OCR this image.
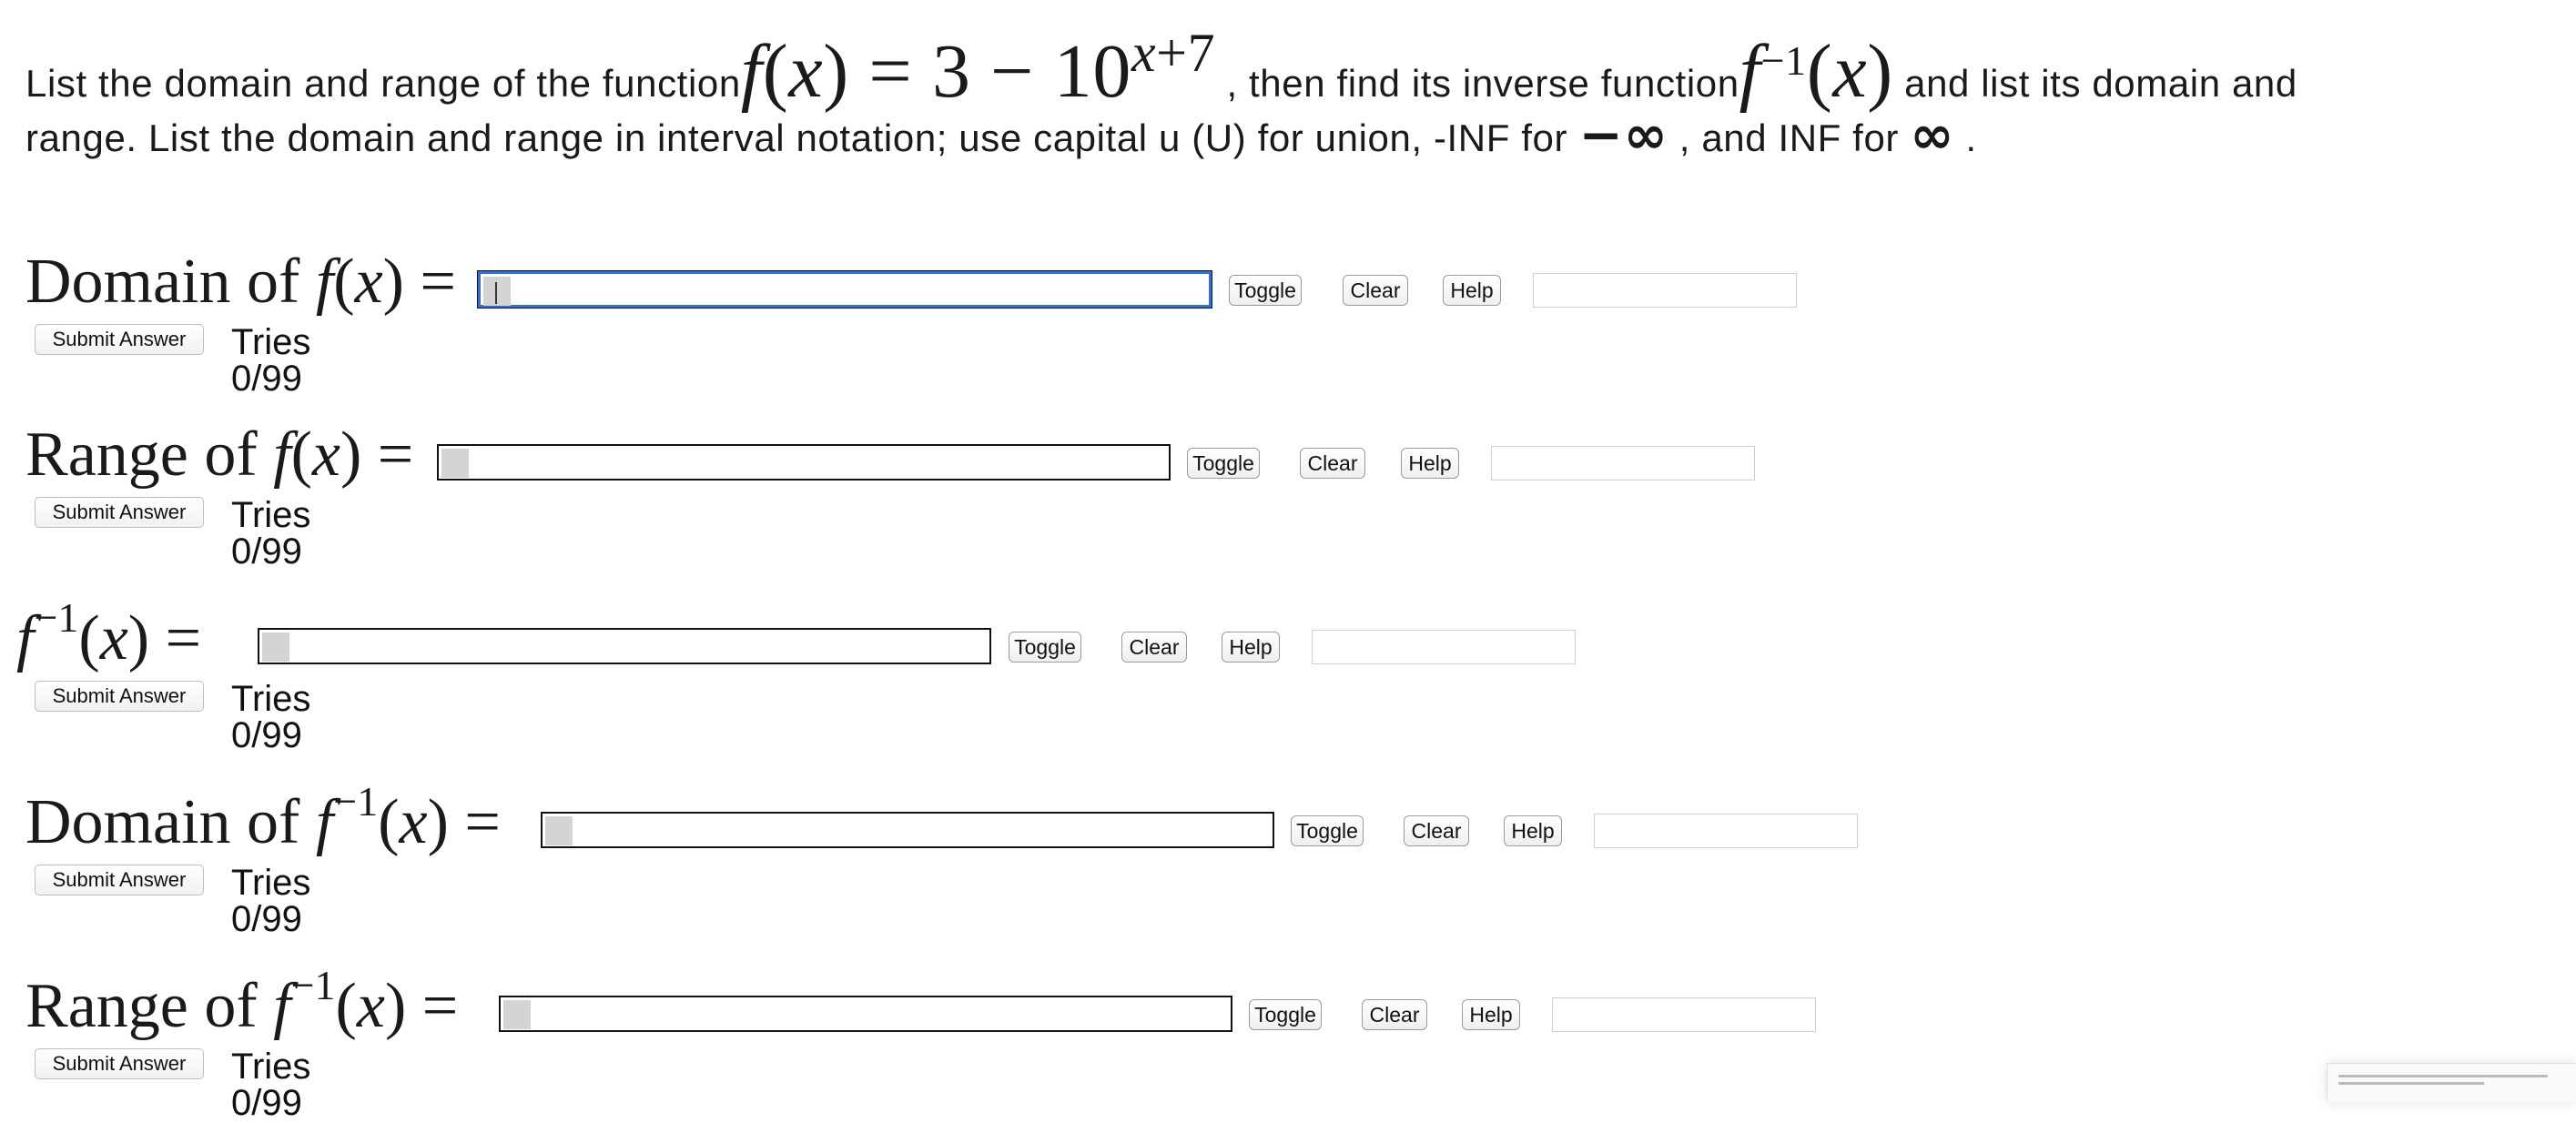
List the domain and range of the functionf(x) = $3 - 10^{x+7}$ , then find its inverse functionf$^{-1}$(x) and list its domain and
range. List the domain and range in interval notation; use capital u (U) for union, -INF for −∞ , and INF for ∞ .
Domain of f(x) =	Toggle	Clear	Help
Submit Answer	Tries 0/99
Range of f(x) =	Toggle	Clear	Help
Submit Answer	Tries 0/99
$f^{-1}(x)$ =	Toggle	Clear	Help
Submit Answer	Tries 0/99
Domain of $f^{-1}(x)$ =	Toggle	Clear	Help
Submit Answer	Tries 0/99
Range of $f^{-1}(x)$ =	Toggle	Clear	Help
Submit Answer	Tries 0/99
